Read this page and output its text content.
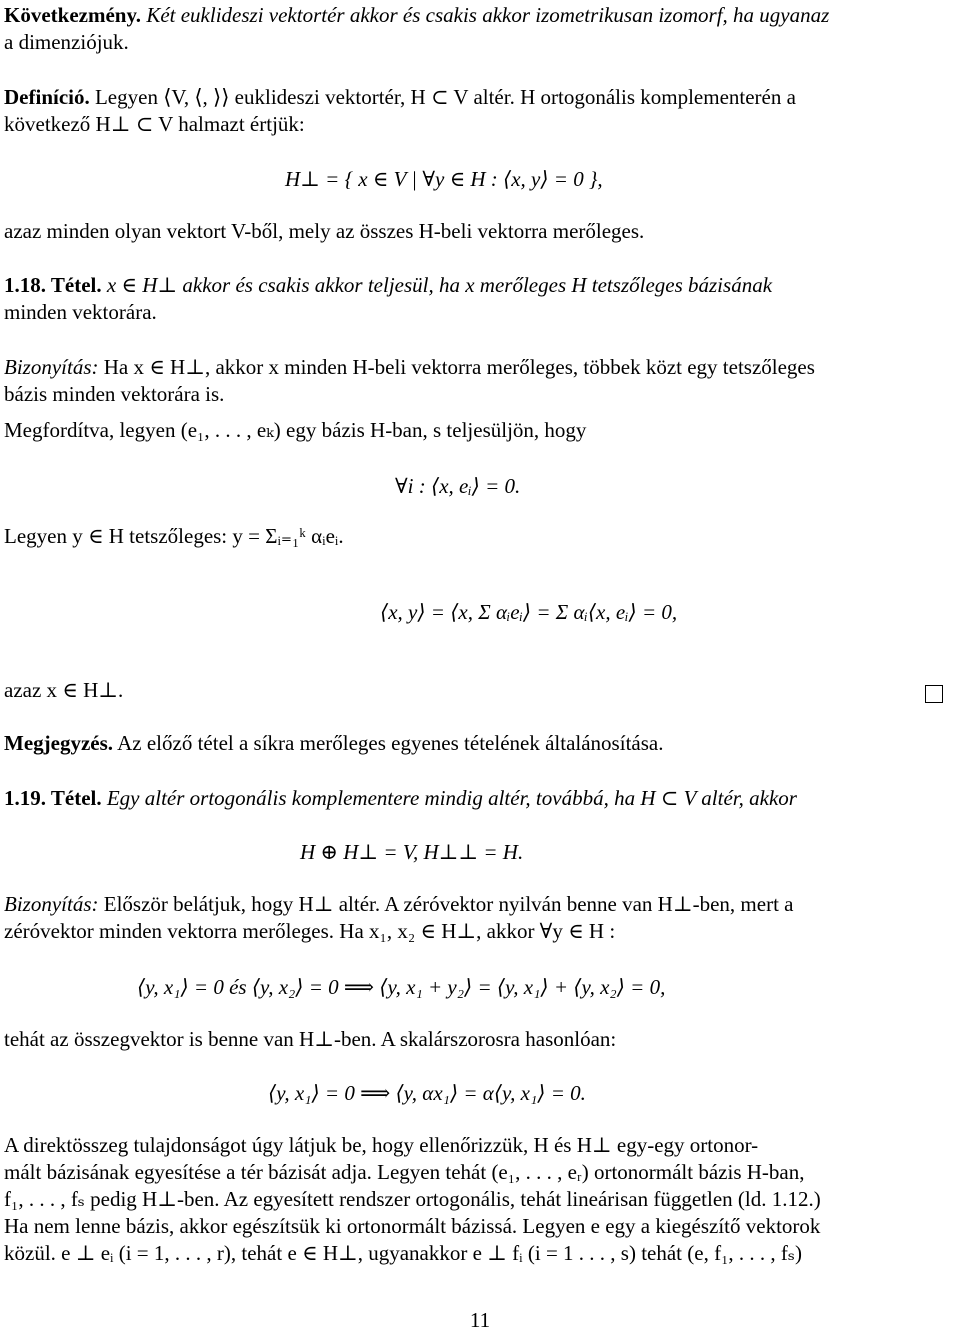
Következmény. Két euklideszi vektortér akkor és csakis akkor izometrikusan izomorf, ha ugyanaz
a dimenziójuk.
Definíció. Legyen ⟨V, ⟨, ⟩⟩ euklideszi vektortér, H ⊂ V altér. H ortogonális komplementerén a
következő H⊥ ⊂ V halmazt értjük:
H⊥ = { x ∈ V | ∀y ∈ H : ⟨x, y⟩ = 0 },
azaz minden olyan vektort V-ből, mely az összes H-beli vektorra merőleges.
1.18. Tétel. x ∈ H⊥ akkor és csakis akkor teljesül, ha x merőleges H tetszőleges bázisának
minden vektorára.
Bizonyítás: Ha x ∈ H⊥, akkor x minden H-beli vektorra merőleges, többek közt egy tetszőleges
bázis minden vektorára is.
Megfordítva, legyen (e₁, . . . , eₖ) egy bázis H-ban, s teljesüljön, hogy
∀i : ⟨x, eᵢ⟩ = 0.
Legyen y ∈ H tetszőleges: y = Σᵢ₌₁ᵏ αᵢeᵢ.
⟨x, y⟩ = ⟨x, Σ αᵢeᵢ⟩ = Σ αᵢ⟨x, eᵢ⟩ = 0,
azaz x ∈ H⊥.
Megjegyzés. Az előző tétel a síkra merőleges egyenes tételének általánosítása.
1.19. Tétel. Egy altér ortogonális komplementere mindig altér, továbbá, ha H ⊂ V altér, akkor
H ⊕ H⊥ = V, H⊥⊥ = H.
Bizonyítás: Először belátjuk, hogy H⊥ altér. A zéróvektor nyilván benne van H⊥-ben, mert a
zéróvektor minden vektorra merőleges. Ha x₁, x₂ ∈ H⊥, akkor ∀y ∈ H :
⟨y, x₁⟩ = 0 és ⟨y, x₂⟩ = 0 ⟹ ⟨y, x₁ + y₂⟩ = ⟨y, x₁⟩ + ⟨y, x₂⟩ = 0,
tehát az összegvektor is benne van H⊥-ben. A skalárszorosra hasonlóan:
⟨y, x₁⟩ = 0 ⟹ ⟨y, αx₁⟩ = α⟨y, x₁⟩ = 0.
A direktösszeg tulajdonságot úgy látjuk be, hogy ellenőrizzük, H és H⊥ egy-egy ortonor-
mált bázisának egyesítése a tér bázisát adja. Legyen tehát (e₁, . . . , eᵣ) ortonormált bázis H-ban,
f₁, . . . , fₛ pedig H⊥-ben. Az egyesített rendszer ortogonális, tehát lineárisan független (ld. 1.12.)
Ha nem lenne bázis, akkor egészítsük ki ortonormált bázissá. Legyen e egy a kiegészítő vektorok
közül. e ⊥ eᵢ (i = 1, . . . , r), tehát e ∈ H⊥, ugyanakkor e ⊥ fᵢ (i = 1 . . . , s) tehát (e, f₁, . . . , fₛ)
11
